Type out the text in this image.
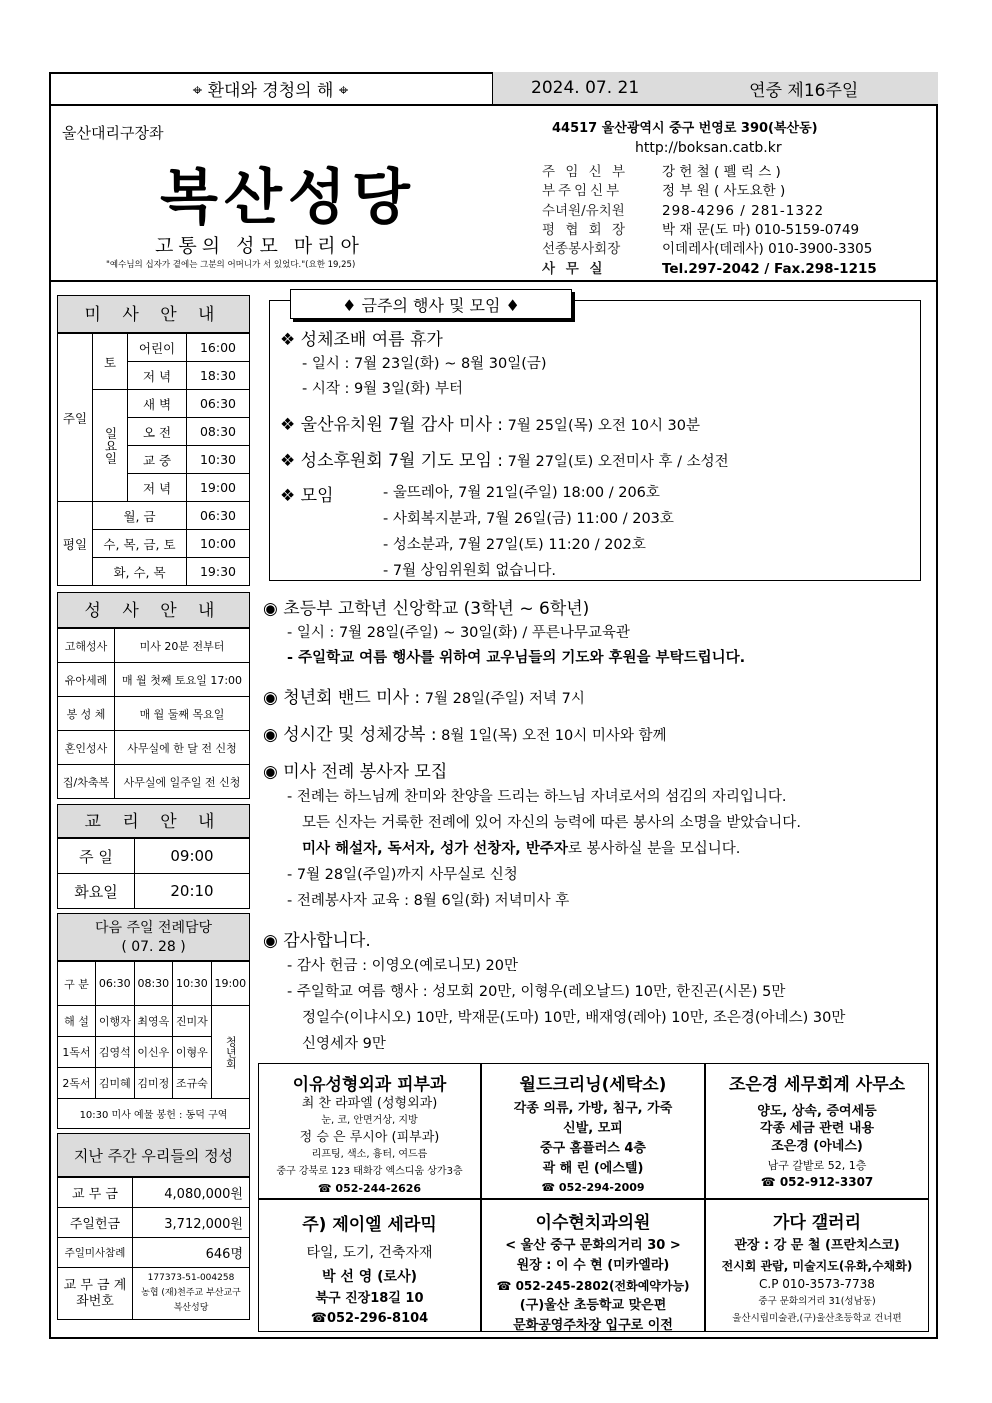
⌖ 환대와 경청의 해 ⌖	2024. 07. 21	연중 제16주일
울산대리구장좌
복산성당
고통의 성모 마리아
"예수님의 십자가 곁에는 그분의 어머니가 서 있었다."(요한 19,25)
44517 울산광역시 중구 번영로 390(복산동)
http://boksan.catb.kr
주 임 신 부	강 헌 철 ( 펠 릭 스 )
부주임신부	정 부 원 ( 사도요한 )
수녀원/유치원	298-4296 / 281-1322
평 협 회 장	박 재 문(도 마) 010-5159-0749
선종봉사회장	이데레사(데레사) 010-3900-3305
사 무 실	Tel.297-2042 / Fax.298-1215
미 사 안 내
주일	토	어린이	16:00
		저 녁	18:30
	일요일	새 벽	06:30
		오 전	08:30
		교 중	10:30
		저 녁	19:00
평일	월, 금		06:30
	수, 목, 금, 토		10:00
	화, 수, 목		19:30
성 사 안 내
고해성사	미사 20분 전부터
유아세례	매 월 첫째 토요일 17:00
봉 성 체	매 월 둘째 목요일
혼인성사	사무실에 한 달 전 신청
집/차축복	사무실에 일주일 전 신청
교 리 안 내
주 일	09:00
화요일	20:10
다음 주일 전례담당
( 07. 28 )
구 분	06:30	08:30	10:30	19:00
해 설	이행자	최영옥	진미자	청년회
1독서	김영석	이신우	이형우	
2독서	김미혜	김미정	조규숙	
10:30 미사 예물 봉헌 : 동덕 구역				
지난 주간 우리들의 정성
교 무 금	4,080,000원
주일헌금	3,712,000원
주일미사참례	646명
교 무 금 계좌번호	177373-51-004258
농협 (재)천주교 부산교구
복산성당
♦ 금주의 행사 및 모임 ♦
❖ 성체조배 여름 휴가
- 일시 : 7월 23일(화) ~ 8월 30일(금)
- 시작 : 9월 3일(화) 부터
❖ 울산유치원 7월 감사 미사 : 7월 25일(목) 오전 10시 30분
❖ 성소후원회 7월 기도 모임 : 7월 27일(토) 오전미사 후 / 소성전
❖ 모임	- 울뜨레아, 7월 21일(주일) 18:00 / 206호
- 사회복지분과, 7월 26일(금) 11:00 / 203호
- 성소분과, 7월 27일(토) 11:20 / 202호
- 7월 상임위원회 없습니다.
◉ 초등부 고학년 신앙학교 (3학년 ~ 6학년)
- 일시 : 7월 28일(주일) ~ 30일(화) / 푸른나무교육관
- 주일학교 여름 행사를 위하여 교우님들의 기도와 후원을 부탁드립니다.
◉ 청년회 밴드 미사 : 7월 28일(주일) 저녁 7시
◉ 성시간 및 성체강복 : 8월 1일(목) 오전 10시 미사와 함께
◉ 미사 전례 봉사자 모집
- 전례는 하느님께 찬미와 찬양을 드리는 하느님 자녀로서의 섬김의 자리입니다.
모든 신자는 거룩한 전례에 있어 자신의 능력에 따른 봉사의 소명을 받았습니다.
미사 해설자, 독서자, 성가 선창자, 반주자로 봉사하실 분을 모십니다.
- 7월 28일(주일)까지 사무실로 신청
- 전례봉사자 교육 : 8월 6일(화) 저녁미사 후
◉ 감사합니다.
- 감사 헌금 : 이영오(예로니모) 20만
- 주일학교 여름 행사 : 성모회 20만, 이형우(레오날드) 10만, 한진곤(시몬) 5만
정일수(이냐시오) 10만, 박재문(도마) 10만, 배재영(레아) 10만, 조은경(아네스) 30만
신영세자 9만
이유성형외과 피부과
최 찬 라파엘 (성형외과)
눈, 코, 안면거상, 지방
정 승 은 루시아 (피부과)
리프팅, 색소, 흉터, 여드름
중구 강북로 123 태화강 엑스디움 상가3층
☎ 052-244-2626
월드크리닝(세탁소)
각종 의류, 가방, 침구, 가죽
신발, 모피
중구 홈플러스 4층
곽 해 린 (에스텔)
☎ 052-294-2009
조은경 세무회계 사무소
양도, 상속, 증여세등
각종 세금 관련 내용
조은경 (아네스)
남구 갈밭로 52, 1층
☎ 052-912-3307
주) 제이엘 세라믹
타일, 도기, 건축자재
박 선 영 (로사)
북구 진장18길 10
☎052-296-8104
이수현치과의원
< 울산 중구 문화의거리 30 >
원장 : 이 수 현 (미카엘라)
☎ 052-245-2802(전화예약가능)
(구)울산 초등학교 맞은편
문화공영주차장 입구로 이전
가다 갤러리
관장 : 강 문 철 (프란치스코)
전시회 관람, 미술지도(유화,수채화)
C.P 010-3573-7738
중구 문화의거리 31(성남동)
울산시립미술관,(구)울산초등학교 건너편
